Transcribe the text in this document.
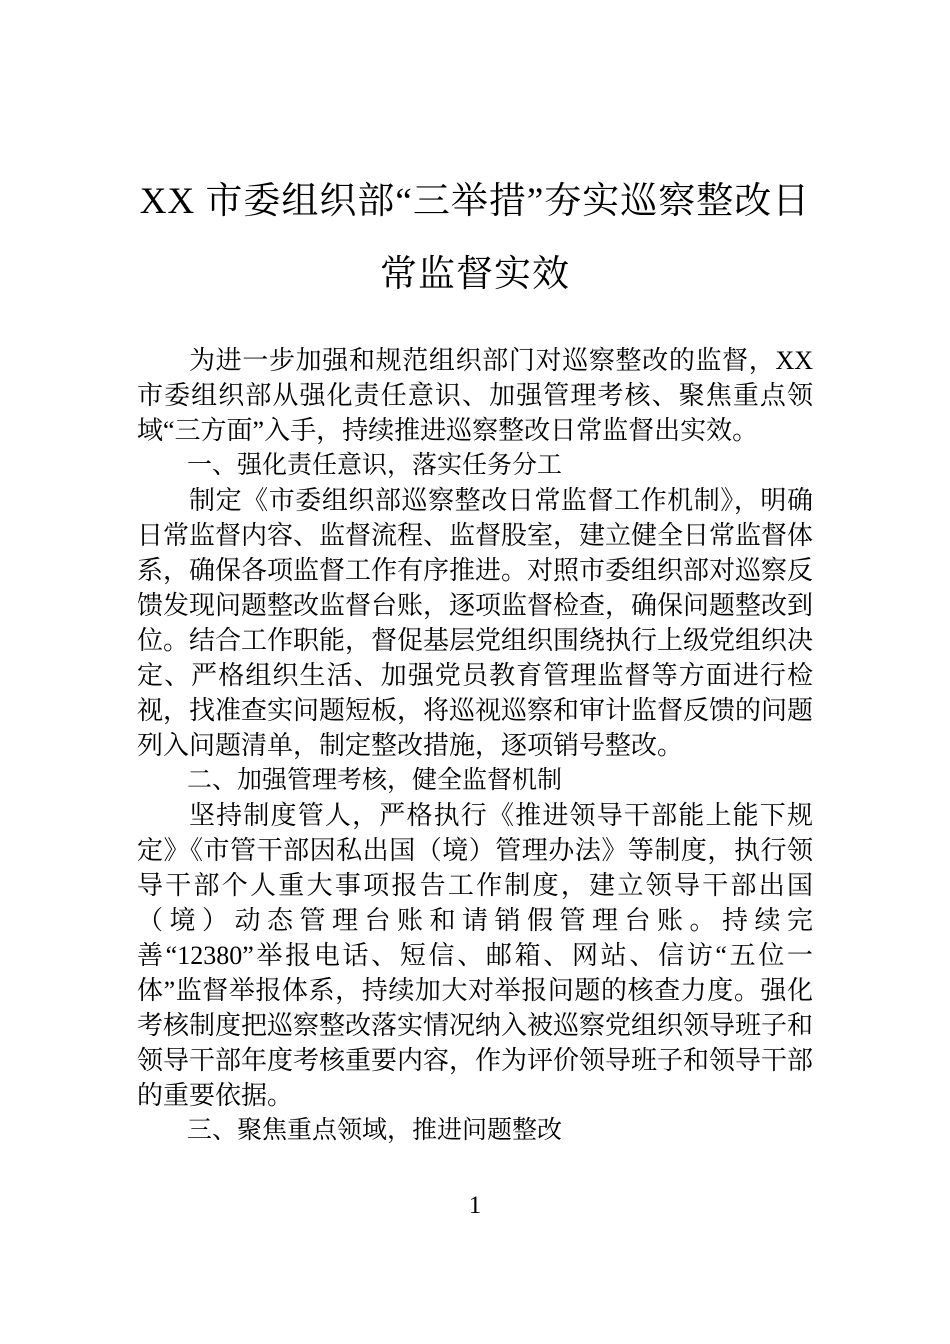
XX 市委组织部“三举措”夯实巡察整改日常监督实效

为进一步加强和规范组织部门对巡察整改的监督，XX市委组织部从强化责任意识、加强管理考核、聚焦重点领域“三方面”入手，持续推进巡察整改日常监督出实效。

一、强化责任意识，落实任务分工

制定《市委组织部巡察整改日常监督工作机制》，明确日常监督内容、监督流程、监督股室，建立健全日常监督体系，确保各项监督工作有序推进。对照市委组织部对巡察反馈发现问题整改监督台账，逐项监督检查，确保问题整改到位。结合工作职能，督促基层党组织围绕执行上级党组织决定、严格组织生活、加强党员教育管理监督等方面进行检视，找准查实问题短板，将巡视巡察和审计监督反馈的问题列入问题清单，制定整改措施，逐项销号整改。

二、加强管理考核，健全监督机制

坚持制度管人，严格执行《推进领导干部能上能下规定》《市管干部因私出国（境）管理办法》等制度，执行领导干部个人重大事项报告工作制度，建立领导干部出国（境）动态管理台账和请销假管理台账。持续完善“12380”举报电话、短信、邮箱、网站、信访“五位一体”监督举报体系，持续加大对举报问题的核查力度。强化考核制度把巡察整改落实情况纳入被巡察党组织领导班子和领导干部年度考核重要内容，作为评价领导班子和领导干部的重要依据。

三、聚焦重点领域，推进问题整改

1
